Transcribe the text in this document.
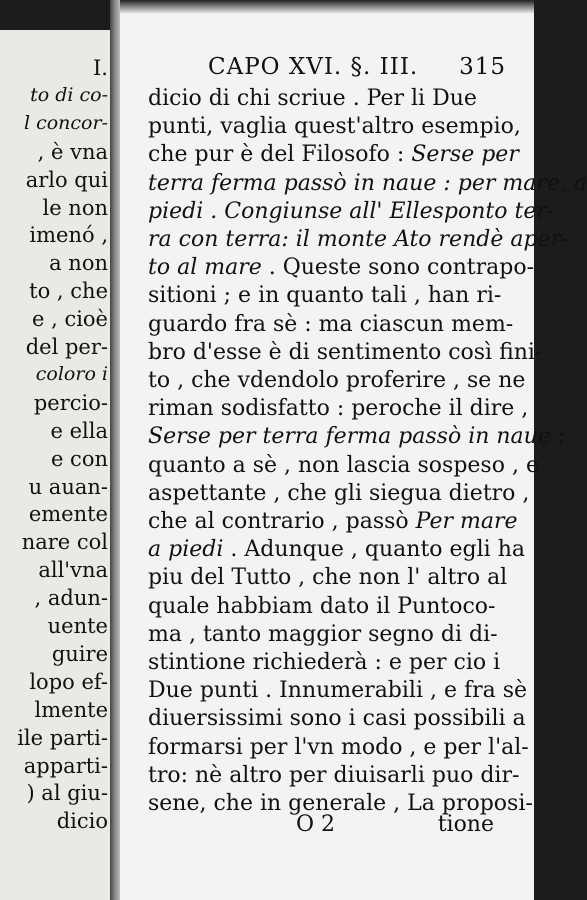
I.
to di co-
l concor-
, è vna
arlo qui
le non
imenó ,
a non
to , che
e , cioè
del per-
coloro i
percio-
e ella
e con
u auan-
emente
nare col
all'vna
, adun-
uente
guire
lopo ef-
lmente
ile parti-
apparti-
) al giu-
dicio
CAPO XVI. §. III. 315
dicio di chi scriue . Per li Due
punti, vaglia quest'altro esempio,
che pur è del Filosofo : Serse per
terra ferma passò in naue : per mare, a
piedi . Congiunse all' Ellesponto ter-
ra con terra: il monte Ato rendè aper-
to al mare . Queste sono contrapo-
sitioni ; e in quanto tali , han ri-
guardo fra sè : ma ciascun mem-
bro d'esse è di sentimento così fini-
to , che vdendolo proferire , se ne
riman sodisfatto : peroche il dire ,
Serse per terra ferma passò in naue ;
quanto a sè , non lascia sospeso , e
aspettante , che gli siegua dietro ,
che al contrario , passò Per mare
a piedi . Adunque , quanto egli ha
piu del Tutto , che non l' altro al
quale habbiam dato il Puntoco-
ma , tanto maggior segno di di-
stintione richiederà : e per cio i
Due punti . Innumerabili , e fra sè
diuersissimi sono i casi possibili a
formarsi per l'vn modo , e per l'al-
tro: nè altro per diuisarli puo dir-
sene, che in generale , La proposi-
O 2	tione
